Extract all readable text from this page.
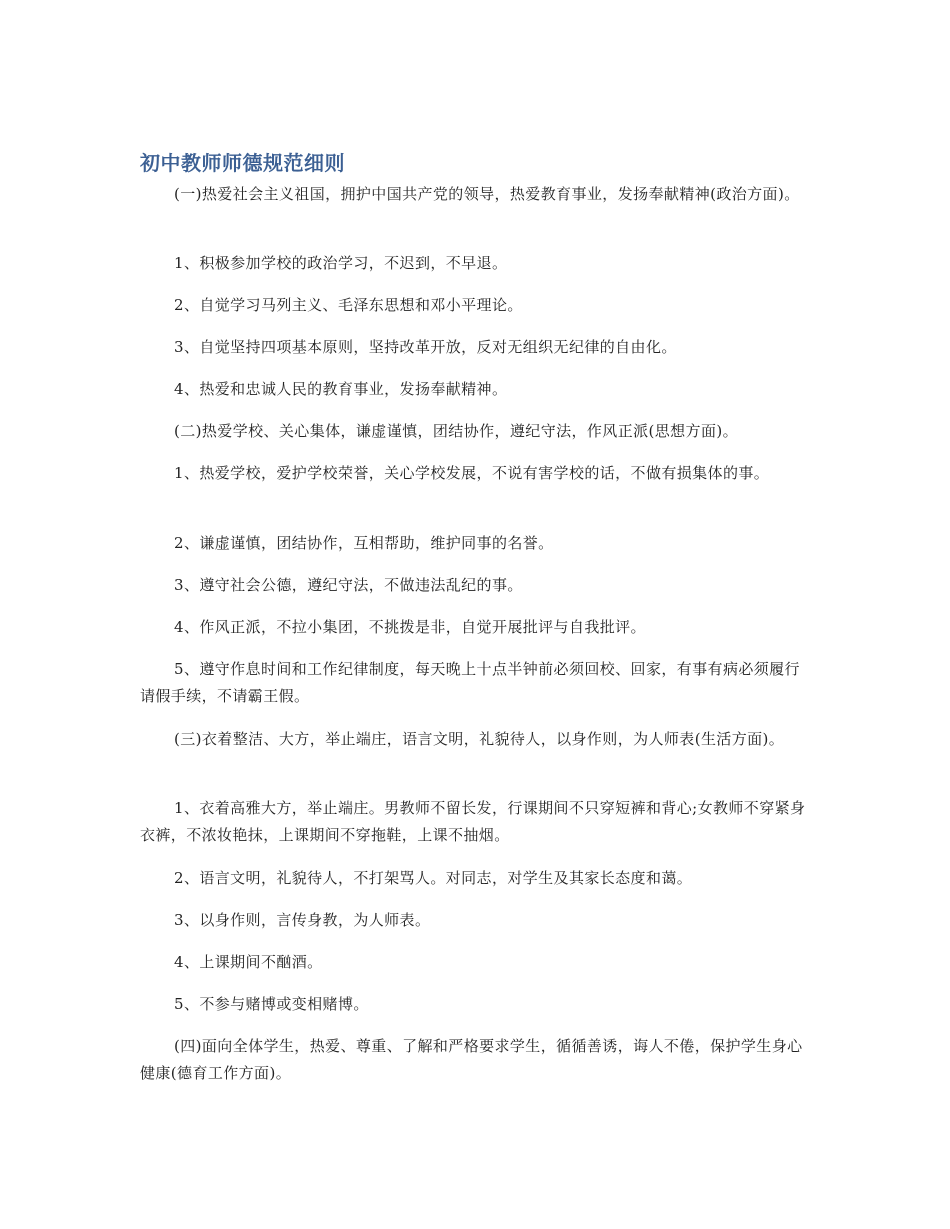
初中教师师德规范细则

(一)热爱社会主义祖国，拥护中国共产党的领导，热爱教育事业，发扬奉献精神(政治方面)。

1、积极参加学校的政治学习，不迟到，不早退。

2、自觉学习马列主义、毛泽东思想和邓小平理论。

3、自觉坚持四项基本原则，坚持改革开放，反对无组织无纪律的自由化。

4、热爱和忠诚人民的教育事业，发扬奉献精神。

(二)热爱学校、关心集体，谦虚谨慎，团结协作，遵纪守法，作风正派(思想方面)。

1、热爱学校，爱护学校荣誉，关心学校发展，不说有害学校的话，不做有损集体的事。

2、谦虚谨慎，团结协作，互相帮助，维护同事的名誉。

3、遵守社会公德，遵纪守法，不做违法乱纪的事。

4、作风正派，不拉小集团，不挑拨是非，自觉开展批评与自我批评。

5、遵守作息时间和工作纪律制度，每天晚上十点半钟前必须回校、回家，有事有病必须履行请假手续，不请霸王假。

(三)衣着整洁、大方，举止端庄，语言文明，礼貌待人，以身作则，为人师表(生活方面)。

1、衣着高雅大方，举止端庄。男教师不留长发，行课期间不只穿短裤和背心;女教师不穿紧身衣裤，不浓妆艳抹，上课期间不穿拖鞋，上课不抽烟。

2、语言文明，礼貌待人，不打架骂人。对同志，对学生及其家长态度和蔼。

3、以身作则，言传身教，为人师表。

4、上课期间不酗酒。

5、不参与赌博或变相赌博。

(四)面向全体学生，热爱、尊重、了解和严格要求学生，循循善诱，诲人不倦，保护学生身心健康(德育工作方面)。
